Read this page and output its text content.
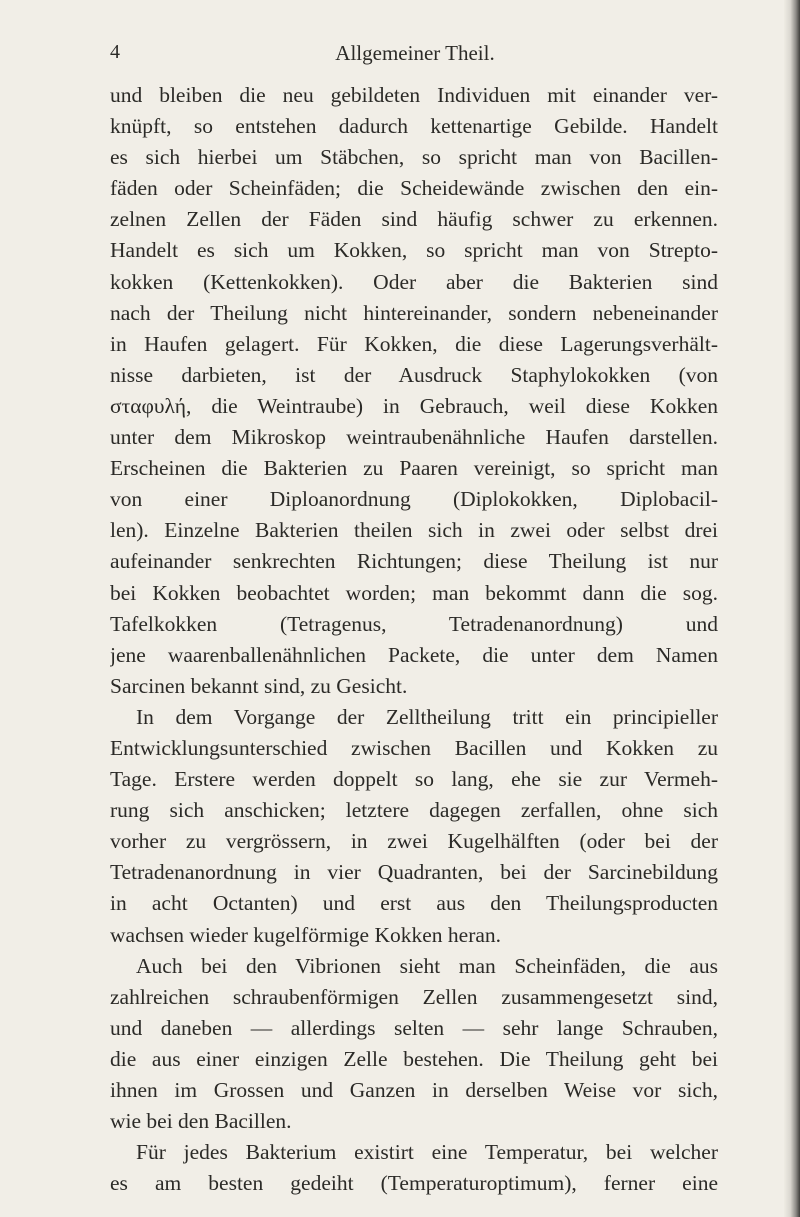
4	Allgemeiner Theil.
und bleiben die neu gebildeten Individuen mit einander ver-
knüpft, so entstehen dadurch kettenartige Gebilde. Handelt
es sich hierbei um Stäbchen, so spricht man von Bacillen-
fäden oder Scheinfäden; die Scheidewände zwischen den ein-
zelnen Zellen der Fäden sind häufig schwer zu erkennen.
Handelt es sich um Kokken, so spricht man von Strepto-
kokken (Kettenkokken). Oder aber die Bakterien sind
nach der Theilung nicht hintereinander, sondern nebeneinander
in Haufen gelagert. Für Kokken, die diese Lagerungsverhält-
nisse darbieten, ist der Ausdruck Staphylokokken (von
σταφυλή, die Weintraube) in Gebrauch, weil diese Kokken
unter dem Mikroskop weintraubenähnliche Haufen darstellen.
Erscheinen die Bakterien zu Paaren vereinigt, so spricht man
von einer Diploanordnung (Diplokokken, Diplobacil-
len). Einzelne Bakterien theilen sich in zwei oder selbst drei
aufeinander senkrechten Richtungen; diese Theilung ist nur
bei Kokken beobachtet worden; man bekommt dann die sog.
Tafelkokken (Tetragenus, Tetradenanordnung) und
jene waarenballenähnlichen Packete, die unter dem Namen
Sarcinen bekannt sind, zu Gesicht.
In dem Vorgange der Zelltheilung tritt ein principieller
Entwicklungsunterschied zwischen Bacillen und Kokken zu
Tage. Erstere werden doppelt so lang, ehe sie zur Vermeh-
rung sich anschicken; letztere dagegen zerfallen, ohne sich
vorher zu vergrössern, in zwei Kugelhälften (oder bei der
Tetradenanordnung in vier Quadranten, bei der Sarcinebildung
in acht Octanten) und erst aus den Theilungsproducten
wachsen wieder kugelförmige Kokken heran.
Auch bei den Vibrionen sieht man Scheinfäden, die aus
zahlreichen schraubenförmigen Zellen zusammengesetzt sind,
und daneben — allerdings selten — sehr lange Schrauben,
die aus einer einzigen Zelle bestehen. Die Theilung geht bei
ihnen im Grossen und Ganzen in derselben Weise vor sich,
wie bei den Bacillen.
Für jedes Bakterium existirt eine Temperatur, bei welcher
es am besten gedeiht (Temperaturoptimum), ferner eine
